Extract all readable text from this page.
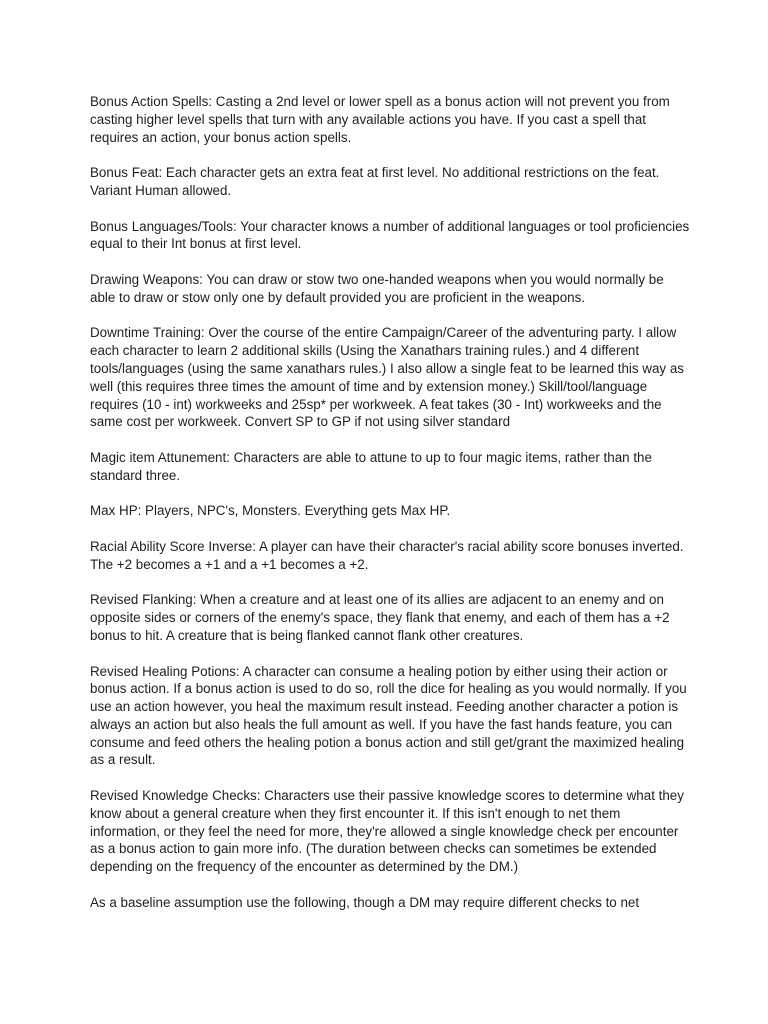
Bonus Action Spells: Casting a 2nd level or lower spell as a bonus action will not prevent you from casting higher level spells that turn with any available actions you have. If you cast a spell that requires an action, your bonus action spells.

Bonus Feat: Each character gets an extra feat at first level. No additional restrictions on the feat. Variant Human allowed.

Bonus Languages/Tools: Your character knows a number of additional languages or tool proficiencies equal to their Int bonus at first level.

Drawing Weapons: You can draw or stow two one-handed weapons when you would normally be able to draw or stow only one by default provided you are proficient in the weapons.

Downtime Training: Over the course of the entire Campaign/Career of the adventuring party. I allow each character to learn 2 additional skills (Using the Xanathars training rules.) and 4 different tools/languages (using the same xanathars rules.) I also allow a single feat to be learned this way as well (this requires three times the amount of time and by extension money.) Skill/tool/language requires (10 - int) workweeks and 25sp* per workweek. A feat takes (30 - Int) workweeks and the same cost per workweek. Convert SP to GP if not using silver standard

Magic item Attunement: Characters are able to attune to up to four magic items, rather than the standard three.

Max HP: Players, NPC's, Monsters. Everything gets Max HP.

Racial Ability Score Inverse: A player can have their character's racial ability score bonuses inverted. The +2 becomes a +1 and a +1 becomes a +2.

Revised Flanking: When a creature and at least one of its allies are adjacent to an enemy and on opposite sides or corners of the enemy's space, they flank that enemy, and each of them has a +2 bonus to hit. A creature that is being flanked cannot flank other creatures.

Revised Healing Potions: A character can consume a healing potion by either using their action or bonus action. If a bonus action is used to do so, roll the dice for healing as you would normally. If you use an action however, you heal the maximum result instead. Feeding another character a potion is always an action but also heals the full amount as well. If you have the fast hands feature, you can consume and feed others the healing potion a bonus action and still get/grant the maximized healing as a result.

Revised Knowledge Checks: Characters use their passive knowledge scores to determine what they know about a general creature when they first encounter it. If this isn't enough to net them information, or they feel the need for more, they're allowed a single knowledge check per encounter as a bonus action to gain more info. (The duration between checks can sometimes be extended depending on the frequency of the encounter as determined by the DM.)

As a baseline assumption use the following, though a DM may require different checks to net
